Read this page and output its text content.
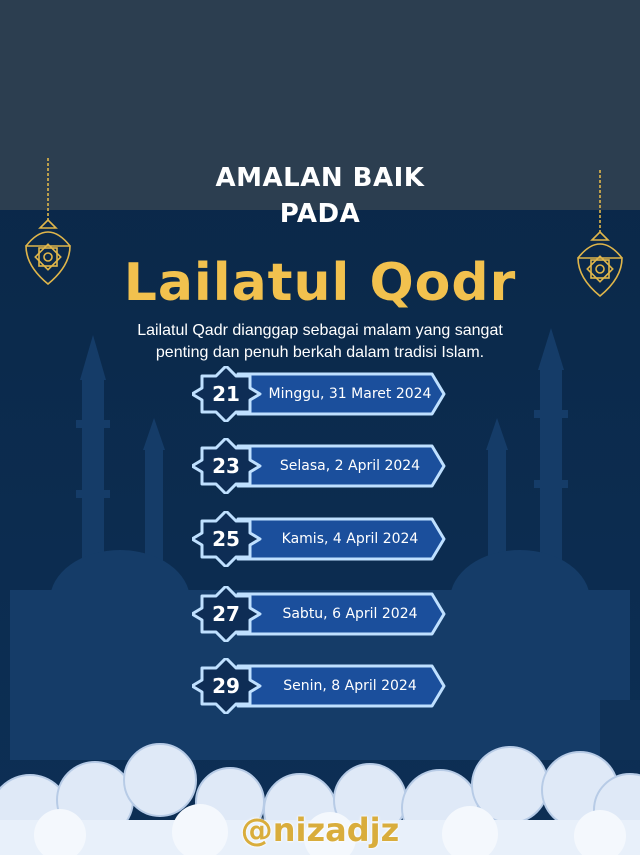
AMALAN BAIK
PADA
Lailatul Qodr
Lailatul Qadr dianggap sebagai malam yang sangat penting dan penuh berkah dalam tradisi Islam.
21	Minggu, 31 Maret 2024
23	Selasa, 2 April 2024
25	Kamis, 4 April 2024
27	Sabtu, 6 April 2024
29	Senin, 8 April 2024
@nizadjz
